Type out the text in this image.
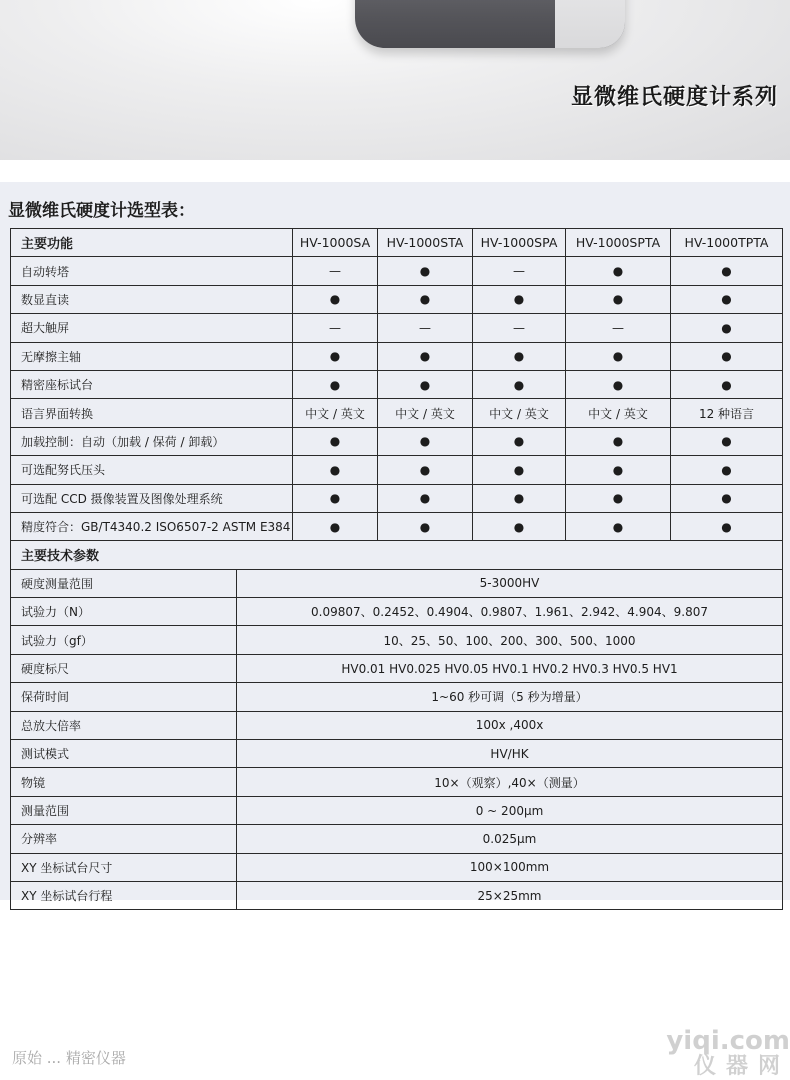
显微维氏硬度计系列
显微维氏硬度计选型表：
主要功能		HV-1000SA	HV-1000STA	HV-1000SPA	HV-1000SPTA	HV-1000TPTA
自动转塔		—	●	—	●	●
数显直读		●	●	●	●	●
超大触屏		—	—	—	—	●
无摩擦主轴		●	●	●	●	●
精密座标试台		●	●	●	●	●
语言界面转换		中文 / 英文	中文 / 英文	中文 / 英文	中文 / 英文	12 种语言
加载控制：自动（加载 / 保荷 / 卸载）		●	●	●	●	●
可选配努氏压头		●	●	●	●	●
可选配 CCD 摄像装置及图像处理系统		●	●	●	●	●
精度符合：GB/T4340.2 ISO6507-2 ASTM E384		●	●	●	●	●
主要技术参数						
硬度测量范围	5-3000HV					
试验力（N）	0.09807、0.2452、0.4904、0.9807、1.961、2.942、4.904、9.807					
试验力（gf）	10、25、50、100、200、300、500、1000					
硬度标尺	HV0.01 HV0.025 HV0.05 HV0.1 HV0.2 HV0.3 HV0.5 HV1					
保荷时间	1~60 秒可调（5 秒为增量）					
总放大倍率	100x ,400x					
测试模式	HV/HK					
物镜	10×（观察）,40×（测量）					
测量范围	0 ~ 200μm					
分辨率	0.025μm					
XY 坐标试台尺寸	100×100mm					
XY 坐标试台行程	25×25mm					
原始 ... 精密仪器
yiqi.com
仪器网
